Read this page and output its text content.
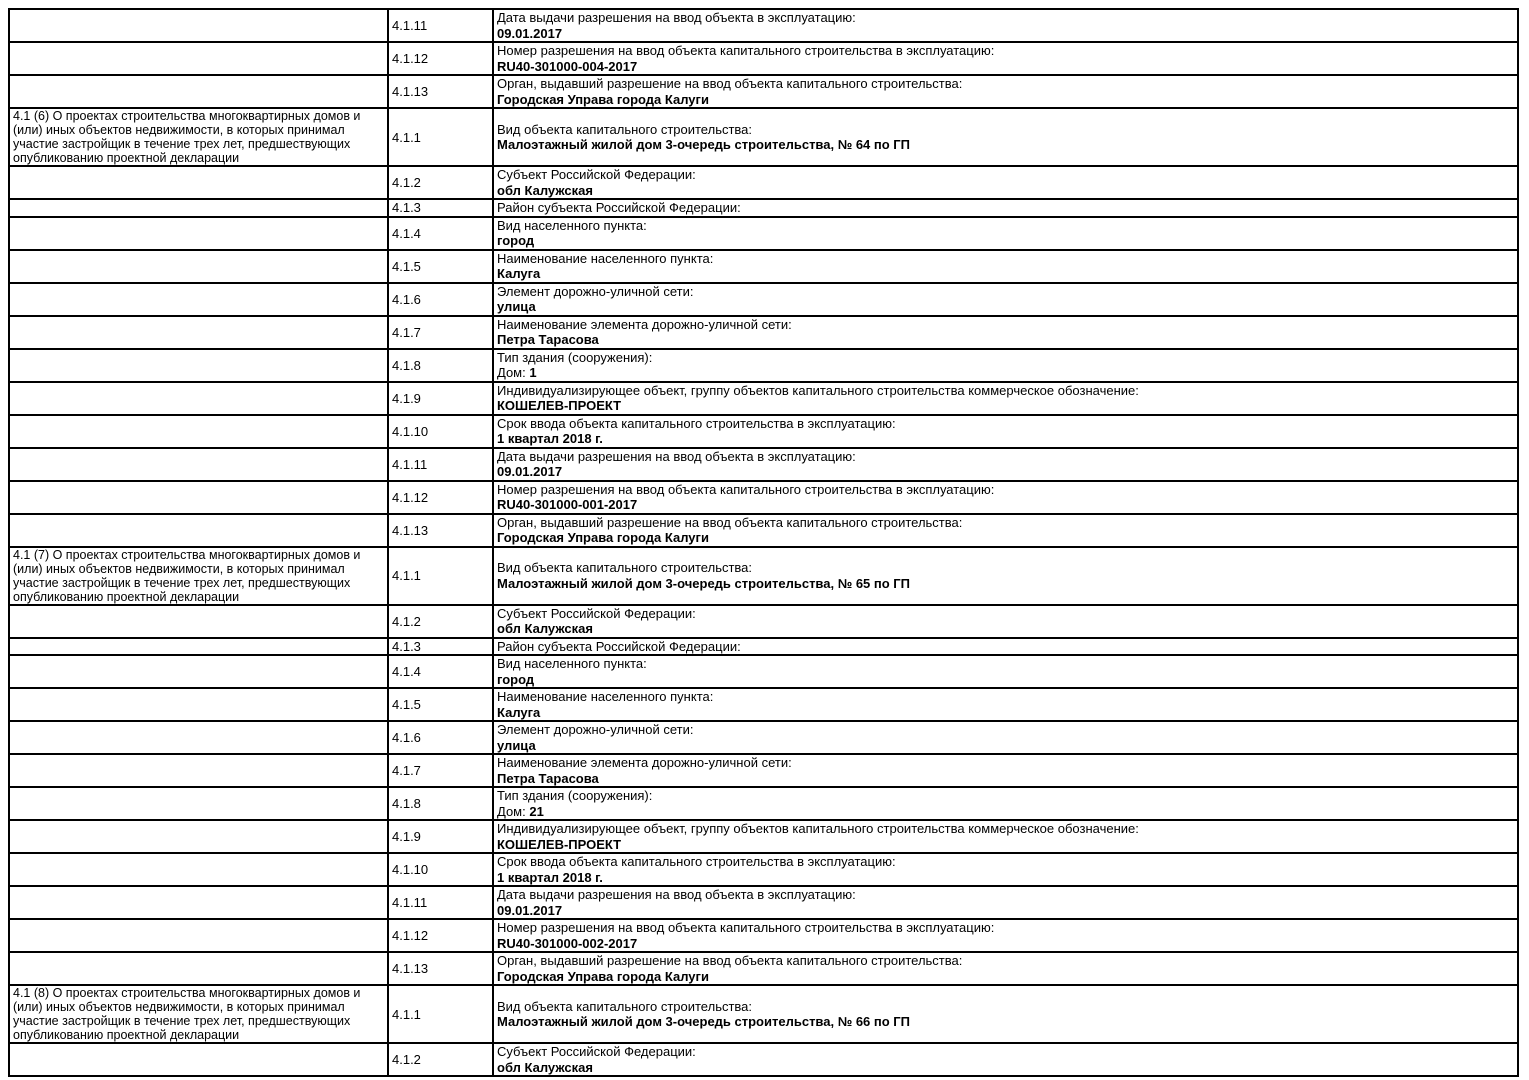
	4.1.11	Дата выдачи разрешения на ввод объекта в эксплуатацию:
09.01.2017

	4.1.12	Номер разрешения на ввод объекта капитального строительства в эксплуатацию:
RU40-301000-004-2017

	4.1.13	Орган, выдавший разрешение на ввод объекта капитального строительства:
Городская Управа города Калуги

4.1 (6) О проектах строительства многоквартирных домов и (или) иных объектов недвижимости, в которых принимал участие застройщик в течение трех лет, предшествующих опубликованию проектной декларации	4.1.1	Вид объекта капитального строительства:
Малоэтажный жилой дом 3-очередь строительства, № 64 по ГП

	4.1.2	Субъект Российской Федерации:
обл Калужская

	4.1.3	Район субъекта Российской Федерации:

	4.1.4	Вид населенного пункта:
город

	4.1.5	Наименование населенного пункта:
Калуга

	4.1.6	Элемент дорожно-уличной сети:
улица

	4.1.7	Наименование элемента дорожно-уличной сети:
Петра Тарасова

	4.1.8	Тип здания (сооружения):
Дом: 1

	4.1.9	Индивидуализирующее объект, группу объектов капитального строительства коммерческое обозначение:
КОШЕЛЕВ-ПРОЕКТ

	4.1.10	Срок ввода объекта капитального строительства в эксплуатацию:
1 квартал 2018 г.

	4.1.11	Дата выдачи разрешения на ввод объекта в эксплуатацию:
09.01.2017

	4.1.12	Номер разрешения на ввод объекта капитального строительства в эксплуатацию:
RU40-301000-001-2017

	4.1.13	Орган, выдавший разрешение на ввод объекта капитального строительства:
Городская Управа города Калуги

4.1 (7) О проектах строительства многоквартирных домов и (или) иных объектов недвижимости, в которых принимал участие застройщик в течение трех лет, предшествующих опубликованию проектной декларации	4.1.1	Вид объекта капитального строительства:
Малоэтажный жилой дом 3-очередь строительства, № 65 по ГП

	4.1.2	Субъект Российской Федерации:
обл Калужская

	4.1.3	Район субъекта Российской Федерации:

	4.1.4	Вид населенного пункта:
город

	4.1.5	Наименование населенного пункта:
Калуга

	4.1.6	Элемент дорожно-уличной сети:
улица

	4.1.7	Наименование элемента дорожно-уличной сети:
Петра Тарасова

	4.1.8	Тип здания (сооружения):
Дом: 21

	4.1.9	Индивидуализирующее объект, группу объектов капитального строительства коммерческое обозначение:
КОШЕЛЕВ-ПРОЕКТ

	4.1.10	Срок ввода объекта капитального строительства в эксплуатацию:
1 квартал 2018 г.

	4.1.11	Дата выдачи разрешения на ввод объекта в эксплуатацию:
09.01.2017

	4.1.12	Номер разрешения на ввод объекта капитального строительства в эксплуатацию:
RU40-301000-002-2017

	4.1.13	Орган, выдавший разрешение на ввод объекта капитального строительства:
Городская Управа города Калуги

4.1 (8) О проектах строительства многоквартирных домов и (или) иных объектов недвижимости, в которых принимал участие застройщик в течение трех лет, предшествующих опубликованию проектной декларации	4.1.1	Вид объекта капитального строительства:
Малоэтажный жилой дом 3-очередь строительства, № 66 по ГП

	4.1.2	Субъект Российской Федерации:
обл Калужская
